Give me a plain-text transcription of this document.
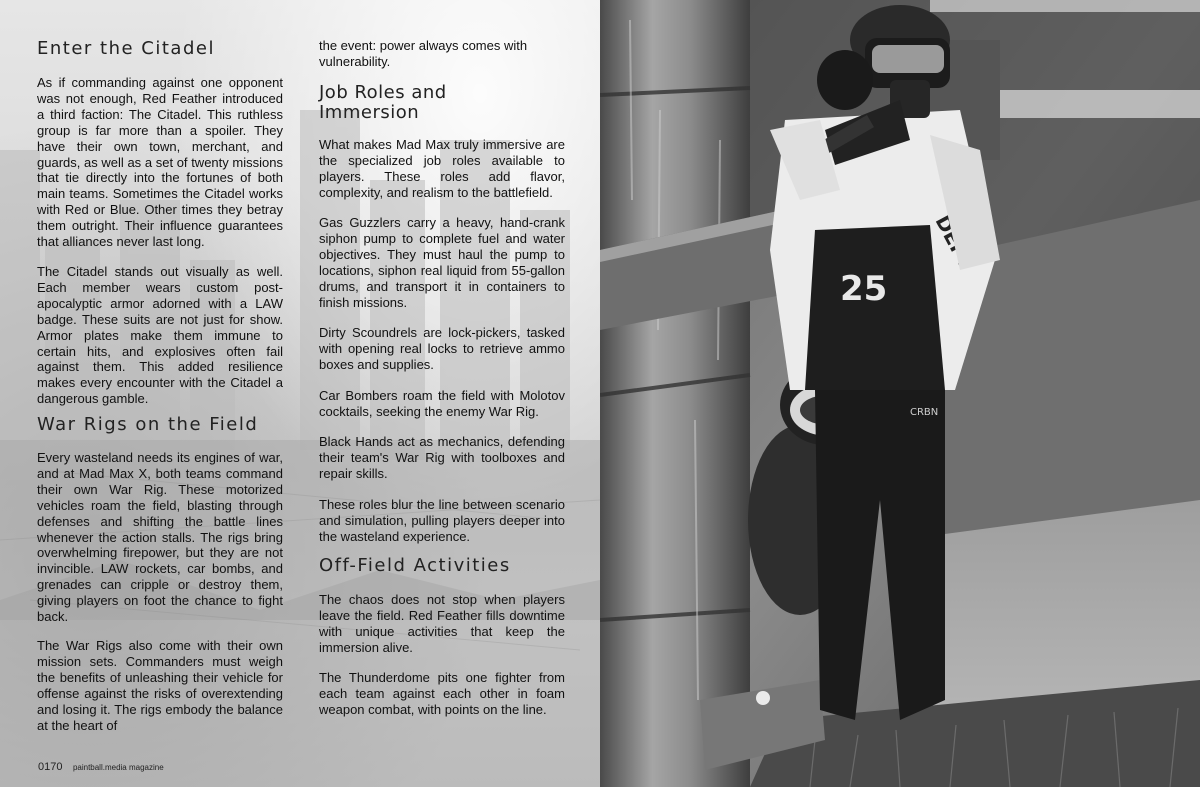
Enter the Citadel

As if commanding against one opponent was not enough, Red Feather introduced a third faction: The Citadel. This ruthless group is far more than a spoiler. They have their own town, merchant, and guards, as well as a set of twenty missions that tie directly into the fortunes of both main teams. Sometimes the Citadel works with Red or Blue. Other times they betray them outright. Their influence guarantees that alliances never last long.

The Citadel stands out visually as well. Each member wears custom post-apocalyptic armor adorned with a LAW badge. These suits are not just for show. Armor plates make them immune to certain hits, and explosives often fail against them. This added resilience makes every encounter with the Citadel a dangerous gamble.

War Rigs on the Field

Every wasteland needs its engines of war, and at Mad Max X, both teams command their own War Rig. These motorized vehicles roam the field, blasting through defenses and shifting the battle lines whenever the action stalls. The rigs bring overwhelming firepower, but they are not invincible. LAW rockets, car bombs, and grenades can cripple or destroy them, giving players on foot the chance to fight back.

The War Rigs also come with their own mission sets. Commanders must weigh the benefits of unleashing their vehicle for offense against the risks of overextending and losing it. The rigs embody the balance at the heart of

the event: power always comes with vulnerability.

Job Roles and
Immersion

What makes Mad Max truly immersive are the specialized job roles available to players. These roles add flavor, complexity, and realism to the battlefield.

Gas Guzzlers carry a heavy, hand-crank siphon pump to complete fuel and water objectives. They must haul the pump to locations, siphon real liquid from 55-gallon drums, and transport it in containers to finish missions.

Dirty Scoundrels are lock-pickers, tasked with opening real locks to retrieve ammo boxes and supplies.

Car Bombers roam the field with Molotov cocktails, seeking the enemy War Rig.

Black Hands act as mechanics, defending their team's War Rig with toolboxes and repair skills.

These roles blur the line between scenario and simulation, pulling players deeper into the wasteland experience.

Off-Field Activities

The chaos does not stop when players leave the field. Red Feather fills downtime with unique activities that keep the immersion alive.

The Thunderdome pits one fighter from each team against each other in foam weapon combat, with points on the line.

0170 paintball.media magazine
25
CRBN
